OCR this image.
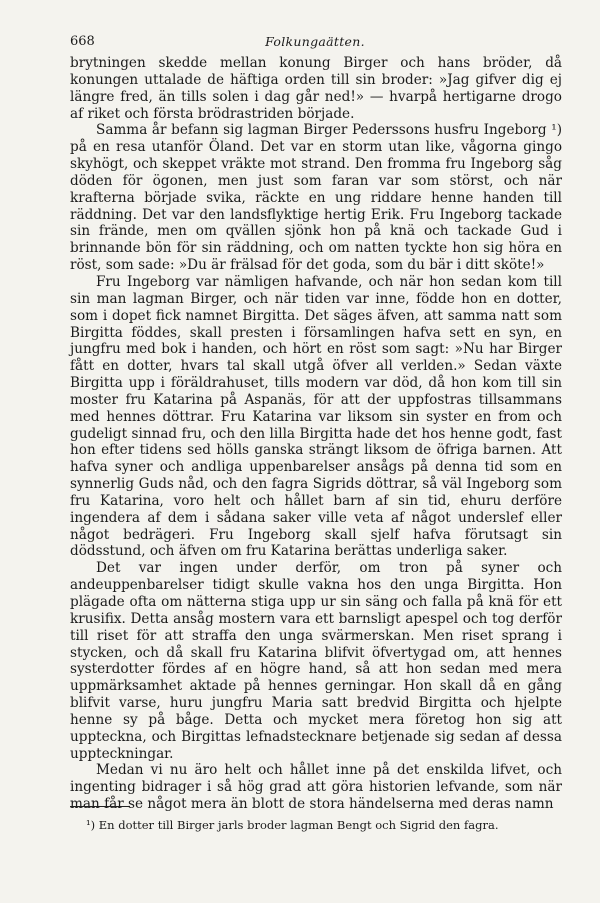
668	Folkungaätten.

brytningen skedde mellan konung Birger och hans bröder, då konungen uttalade de häftiga orden till sin broder: »Jag gifver dig ej längre fred, än tills solen i dag går ned!» — hvarpå hertigarne drogo af riket och första brödrastriden började.

Samma år befann sig lagman Birger Pederssons husfru Ingeborg ¹) på en resa utanför Öland. Det var en storm utan like, vågorna gingo skyhögt, och skeppet vräkte mot strand. Den fromma fru Ingeborg såg döden för ögonen, men just som faran var som störst, och när krafterna började svika, räckte en ung riddare henne handen till räddning. Det var den landsflyktige hertig Erik. Fru Ingeborg tackade sin frände, men om qvällen sjönk hon på knä och tackade Gud i brinnande bön för sin räddning, och om natten tyckte hon sig höra en röst, som sade: »Du är frälsad för det goda, som du bär i ditt sköte!»

Fru Ingeborg var nämligen hafvande, och när hon sedan kom till sin man lagman Birger, och när tiden var inne, födde hon en dotter, som i dopet fick namnet Birgitta. Det säges äfven, att samma natt som Birgitta föddes, skall presten i församlingen hafva sett en syn, en jungfru med bok i handen, och hört en röst som sagt: »Nu har Birger fått en dotter, hvars tal skall utgå öfver all verlden.» Sedan växte Birgitta upp i föräldrahuset, tills modern var död, då hon kom till sin moster fru Katarina på Aspanäs, för att der uppfostras tillsammans med hennes döttrar. Fru Katarina var liksom sin syster en from och gudeligt sinnad fru, och den lilla Birgitta hade det hos henne godt, fast hon efter tidens sed hölls ganska strängt liksom de öfriga barnen. Att hafva syner och andliga uppenbarelser ansågs på denna tid som en synnerlig Guds nåd, och den fagra Sigrids döttrar, så väl Ingeborg som fru Katarina, voro helt och hållet barn af sin tid, ehuru derföre ingendera af dem i sådana saker ville veta af något underslef eller något bedrägeri. Fru Ingeborg skall sjelf hafva förutsagt sin dödsstund, och äfven om fru Katarina berättas underliga saker.

Det var ingen under derför, om tron på syner och andeuppenbarelser tidigt skulle vakna hos den unga Birgitta. Hon plägade ofta om nätterna stiga upp ur sin säng och falla på knä för ett krusifix. Detta ansåg mostern vara ett barnsligt apespel och tog derför till riset för att straffa den unga svärmerskan. Men riset sprang i stycken, och då skall fru Katarina blifvit öfvertygad om, att hennes systerdotter fördes af en högre hand, så att hon sedan med mera uppmärksamhet aktade på hennes gerningar. Hon skall då en gång blifvit varse, huru jungfru Maria satt bredvid Birgitta och hjelpte henne sy på båge. Detta och mycket mera företog hon sig att uppteckna, och Birgittas lefnadstecknare betjenade sig sedan af dessa uppteckningar.

Medan vi nu äro helt och hållet inne på det enskilda lifvet, och ingenting bidrager i så hög grad att göra historien lefvande, som när man får se något mera än blott de stora händelserna med deras namn

¹) En dotter till Birger jarls broder lagman Bengt och Sigrid den fagra.
